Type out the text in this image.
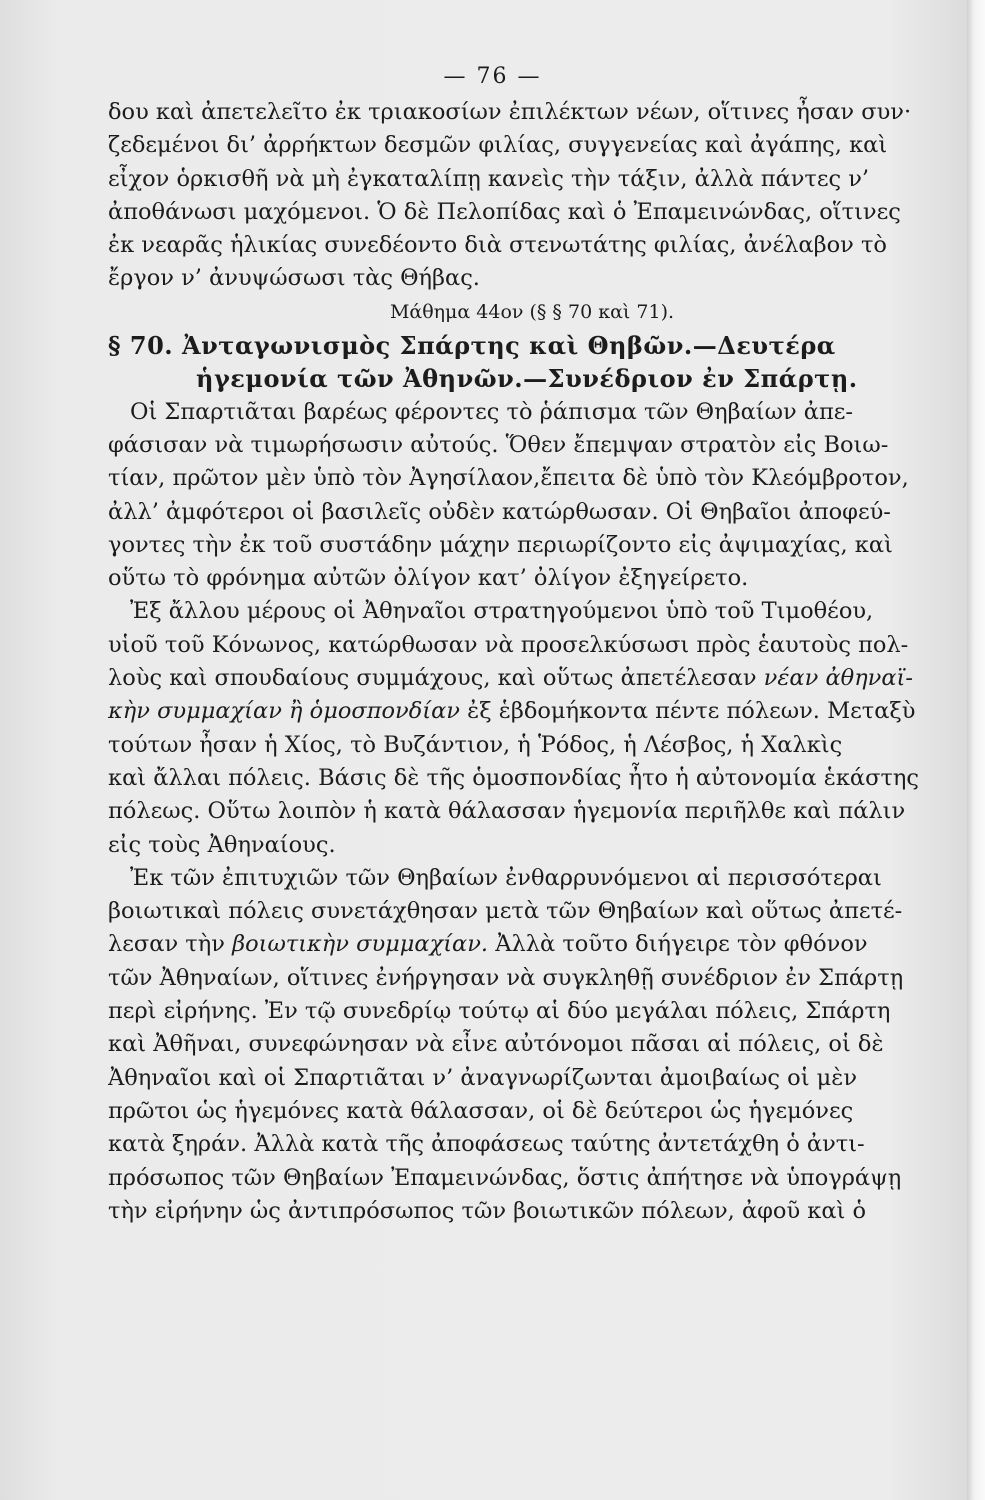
— 76 —
δου καὶ ἀπετελεῖτο ἐκ τριακοσίων ἐπιλέκτων νέων, οἵτινες ἦσαν συν·
ζεδεμένοι δι’ ἀρρήκτων δεσμῶν φιλίας, συγγενείας καὶ ἀγάπης, καὶ
εἶχον ὁρκισθῆ νὰ μὴ ἐγκαταλίπῃ κανεὶς τὴν τάξιν, ἀλλὰ πάντες ν’
ἀποθάνωσι μαχόμενοι. Ὁ δὲ Πελοπίδας καὶ ὁ Ἐπαμεινώνδας, οἵτινες
ἐκ νεαρᾶς ἡλικίας συνεδέοντο διὰ στενωτάτης φιλίας, ἀνέλαβον τὸ
ἔργον ν’ ἀνυψώσωσι τὰς Θήβας.
Μάθημα 44ον (§ § 70 καὶ 71).
§ 70. Ἀνταγωνισμὸς Σπάρτης καὶ Θηβῶν.—Δευτέρα
ἡγεμονία τῶν Ἀθηνῶν.—Συνέδριον ἐν Σπάρτῃ.
Οἱ Σπαρτιᾶται βαρέως φέροντες τὸ ῥάπισμα τῶν Θηβαίων ἀπε-
φάσισαν νὰ τιμωρήσωσιν αὐτούς. Ὅθεν ἔπεμψαν στρατὸν εἰς Βοιω-
τίαν, πρῶτον μὲν ὑπὸ τὸν Ἀγησίλαον,ἔπειτα δὲ ὑπὸ τὸν Κλεόμβροτον,
ἀλλ’ ἀμφότεροι οἱ βασιλεῖς οὐδὲν κατώρθωσαν. Οἱ Θηβαῖοι ἀποφεύ-
γοντες τὴν ἐκ τοῦ συστάδην μάχην περιωρίζοντο εἰς ἀψιμαχίας, καὶ
οὕτω τὸ φρόνημα αὐτῶν ὀλίγον κατ’ ὀλίγον ἐξηγείρετο.
Ἐξ ἄλλου μέρους οἱ Ἀθηναῖοι στρατηγούμενοι ὑπὸ τοῦ Τιμοθέου,
υἱοῦ τοῦ Κόνωνος, κατώρθωσαν νὰ προσελκύσωσι πρὸς ἑαυτοὺς πολ-
λοὺς καὶ σπουδαίους συμμάχους, καὶ οὕτως ἀπετέλεσαν νέαν ἀθηναϊ-
κὴν συμμαχίαν ἢ ὁμοσπονδίαν ἐξ ἑβδομήκοντα πέντε πόλεων. Μεταξὺ
τούτων ἦσαν ἡ Χίος, τὸ Βυζάντιον, ἡ Ῥόδος, ἡ Λέσβος, ἡ Χαλκὶς
καὶ ἄλλαι πόλεις. Βάσις δὲ τῆς ὁμοσπονδίας ἦτο ἡ αὐτονομία ἑκάστης
πόλεως. Οὕτω λοιπὸν ἡ κατὰ θάλασσαν ἡγεμονία περιῆλθε καὶ πάλιν
εἰς τοὺς Ἀθηναίους.
Ἐκ τῶν ἐπιτυχιῶν τῶν Θηβαίων ἐνθαρρυνόμενοι αἱ περισσότεραι
βοιωτικαὶ πόλεις συνετάχθησαν μετὰ τῶν Θηβαίων καὶ οὕτως ἀπετέ-
λεσαν τὴν βοιωτικὴν συμμαχίαν. Ἀλλὰ τοῦτο διήγειρε τὸν φθόνον
τῶν Ἀθηναίων, οἵτινες ἐνήργησαν νὰ συγκληθῇ συνέδριον ἐν Σπάρτῃ
περὶ εἰρήνης. Ἐν τῷ συνεδρίῳ τούτῳ αἱ δύο μεγάλαι πόλεις, Σπάρτη
καὶ Ἀθῆναι, συνεφώνησαν νὰ εἶνε αὐτόνομοι πᾶσαι αἱ πόλεις, οἱ δὲ
Ἀθηναῖοι καὶ οἱ Σπαρτιᾶται ν’ ἀναγνωρίζωνται ἀμοιβαίως οἱ μὲν
πρῶτοι ὡς ἡγεμόνες κατὰ θάλασσαν, οἱ δὲ δεύτεροι ὡς ἡγεμόνες
κατὰ ξηράν. Ἀλλὰ κατὰ τῆς ἀποφάσεως ταύτης ἀντετάχθη ὁ ἀντι-
πρόσωπος τῶν Θηβαίων Ἐπαμεινώνδας, ὅστις ἀπήτησε νὰ ὑπογράψῃ
τὴν εἰρήνην ὡς ἀντιπρόσωπος τῶν βοιωτικῶν πόλεων, ἀφοῦ καὶ ὁ
